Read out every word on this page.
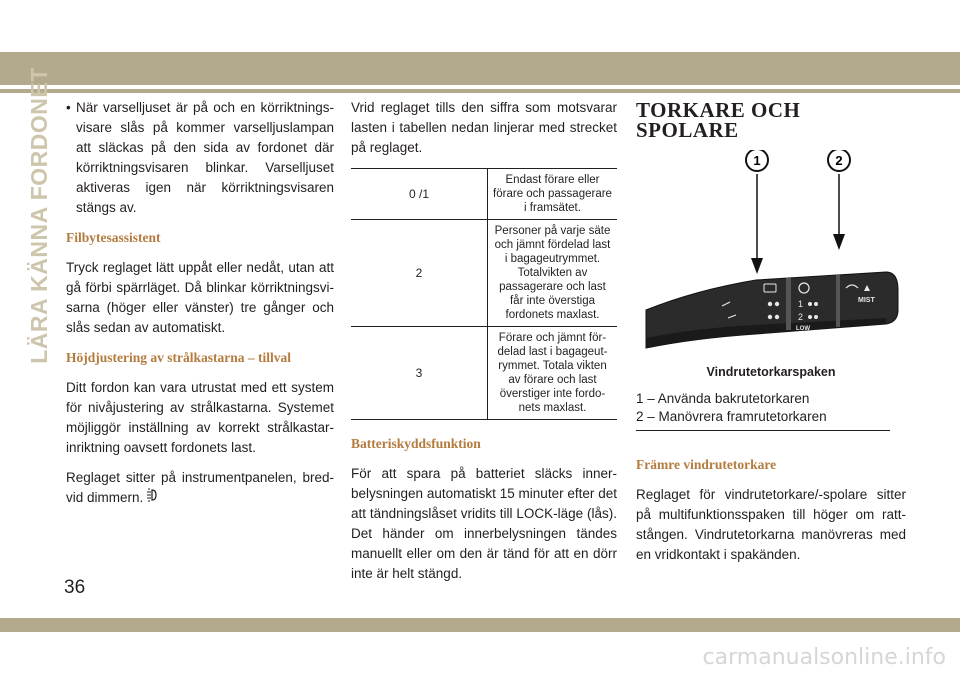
LÄRA KÄNNA FORDONET • När varselljuset är på och en körriktningsvisare slås på kommer varselljuslampan att släckas på den sida av fordonet där körriktningsvisaren blinkar. Varselljuset aktiveras igen när körriktningsvisaren stängs av.
Filbytesassistent

Tryck reglaget lätt uppåt eller nedåt, utan att gå förbi spärrläget. Då blinkar körriktningsvisarna (höger eller vänster) tre gånger och slås sedan av automatiskt.

Höjdjustering av strålkastarna – tillval

Ditt fordon kan vara utrustat med ett system för nivåjustering av strålkastarna. Systemet möjliggör inställning av korrekt strålkastarinriktning oavsett fordonets last.

Reglaget sitter på instrumentpanelen, bredvid dimmern.

Vrid reglaget tills den siffra som motsvarar lasten i tabellen nedan linjerar med strecket på reglaget.

0 /1	Endast förare eller förare och passagerare i framsätet.
2	Personer på varje säte och jämnt fördelad last i bagageutrymmet. Totalvikten av passagerare och last får inte överstiga fordonets maxlast.
3	Förare och jämnt fördelad last i bagageutrymmet. Totala vikten av förare och last överstiger inte fordonets maxlast.
Batteriskyddsfunktion

För att spara på batteriet släcks innerbelysningen automatiskt 15 minuter efter det att tändningslåset vridits till LOCK-läge (lås). Det händer om innerbelysningen tändes manuellt eller om den är tänd för att en dörr inte är helt stängd.

TORKARE OCH SPOLARE
1
2
LOW
MIST
1	2
Vindrutetorkarspaken
1 – Använda bakrutetorkaren
2 – Manövrera framrutetorkaren
Främre vindrutetorkare

Reglaget för vindrutetorkare/-spolare sitter på multifunktionsspaken till höger om rattstången. Vindrutetorkarna manövreras med en vridkontakt i spakänden.

36
carmanualsonline.info
